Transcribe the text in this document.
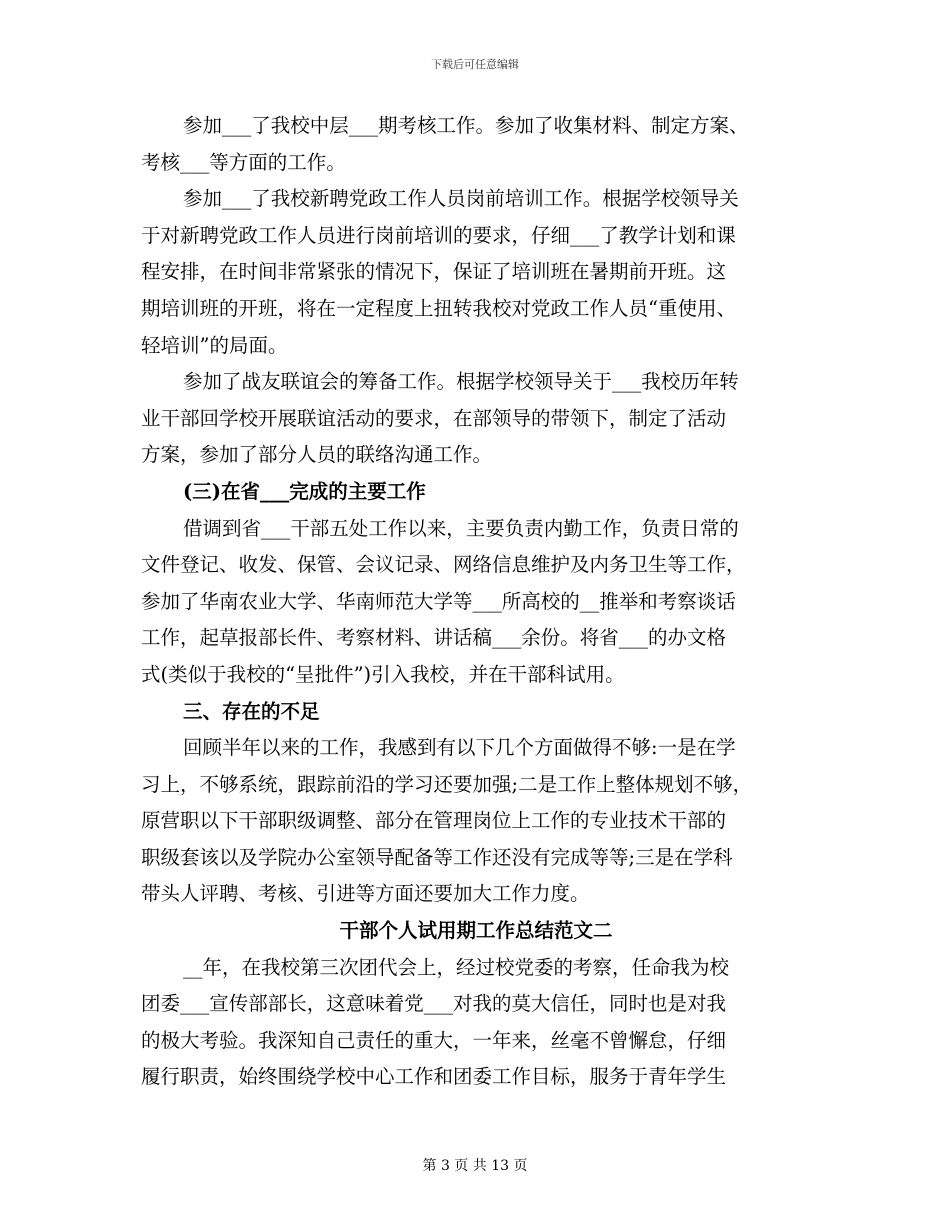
下载后可任意编辑
参加___了我校中层___期考核工作。参加了收集材料、制定方案、
考核___等方面的工作。
参加___了我校新聘党政工作人员岗前培训工作。根据学校领导关
于对新聘党政工作人员进行岗前培训的要求，仔细___了教学计划和课
程安排，在时间非常紧张的情况下，保证了培训班在暑期前开班。这
期培训班的开班，将在一定程度上扭转我校对党政工作人员“重使用、
轻培训”的局面。
参加了战友联谊会的筹备工作。根据学校领导关于___我校历年转
业干部回学校开展联谊活动的要求，在部领导的带领下，制定了活动
方案，参加了部分人员的联络沟通工作。
(三)在省___完成的主要工作
借调到省___干部五处工作以来，主要负责内勤工作，负责日常的
文件登记、收发、保管、会议记录、网络信息维护及内务卫生等工作，
参加了华南农业大学、华南师范大学等___所高校的__推举和考察谈话
工作，起草报部长件、考察材料、讲话稿___余份。将省___的办文格
式(类似于我校的“呈批件”)引入我校，并在干部科试用。
三、存在的不足
回顾半年以来的工作，我感到有以下几个方面做得不够:一是在学
习上，不够系统，跟踪前沿的学习还要加强;二是工作上整体规划不够，
原营职以下干部职级调整、部分在管理岗位上工作的专业技术干部的
职级套该以及学院办公室领导配备等工作还没有完成等等;三是在学科
带头人评聘、考核、引进等方面还要加大工作力度。
干部个人试用期工作总结范文二
__年，在我校第三次团代会上，经过校党委的考察，任命我为校
团委___宣传部部长，这意味着党___对我的莫大信任，同时也是对我
的极大考验。我深知自己责任的重大，一年来，丝毫不曾懈怠，仔细
履行职责，始终围绕学校中心工作和团委工作目标，服务于青年学生
第 3 页 共 13 页
